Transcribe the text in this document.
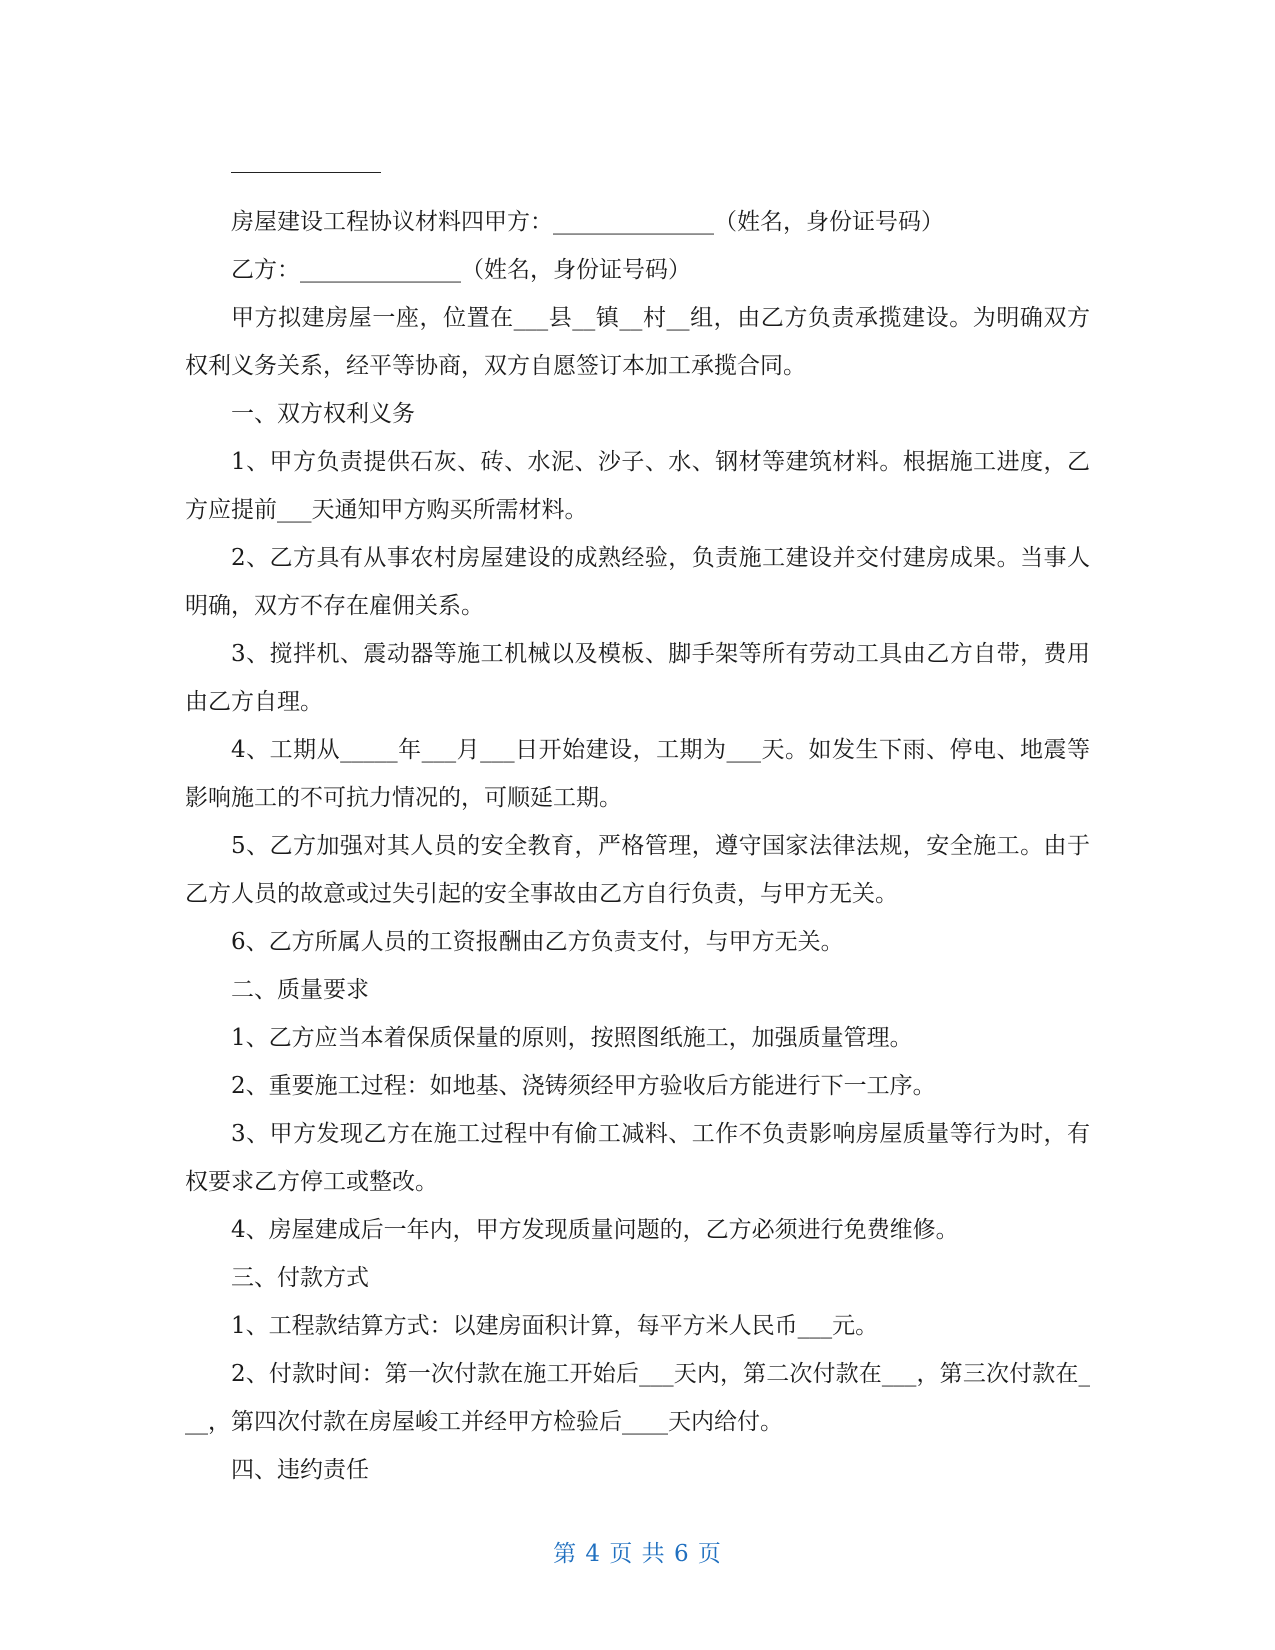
房屋建设工程协议材料四甲方：______________（姓名，身份证号码）

乙方：______________（姓名，身份证号码）

甲方拟建房屋一座，位置在___县__镇__村__组，由乙方负责承揽建设。为明确双方权利义务关系，经平等协商，双方自愿签订本加工承揽合同。

一、双方权利义务

1、甲方负责提供石灰、砖、水泥、沙子、水、钢材等建筑材料。根据施工进度，乙方应提前___天通知甲方购买所需材料。

2、乙方具有从事农村房屋建设的成熟经验，负责施工建设并交付建房成果。当事人明确，双方不存在雇佣关系。

3、搅拌机、震动器等施工机械以及模板、脚手架等所有劳动工具由乙方自带，费用由乙方自理。

4、工期从_____年___月___日开始建设，工期为___天。如发生下雨、停电、地震等影响施工的不可抗力情况的，可顺延工期。

5、乙方加强对其人员的安全教育，严格管理，遵守国家法律法规，安全施工。由于乙方人员的故意或过失引起的安全事故由乙方自行负责，与甲方无关。

6、乙方所属人员的工资报酬由乙方负责支付，与甲方无关。

二、质量要求

1、乙方应当本着保质保量的原则，按照图纸施工，加强质量管理。

2、重要施工过程：如地基、浇铸须经甲方验收后方能进行下一工序。

3、甲方发现乙方在施工过程中有偷工减料、工作不负责影响房屋质量等行为时，有权要求乙方停工或整改。

4、房屋建成后一年内，甲方发现质量问题的，乙方必须进行免费维修。

三、付款方式

1、工程款结算方式：以建房面积计算，每平方米人民币___元。

2、付款时间：第一次付款在施工开始后___天内，第二次付款在___，第三次付款在___，第四次付款在房屋峻工并经甲方检验后____天内给付。

四、违约责任

第 4 页 共 6 页
